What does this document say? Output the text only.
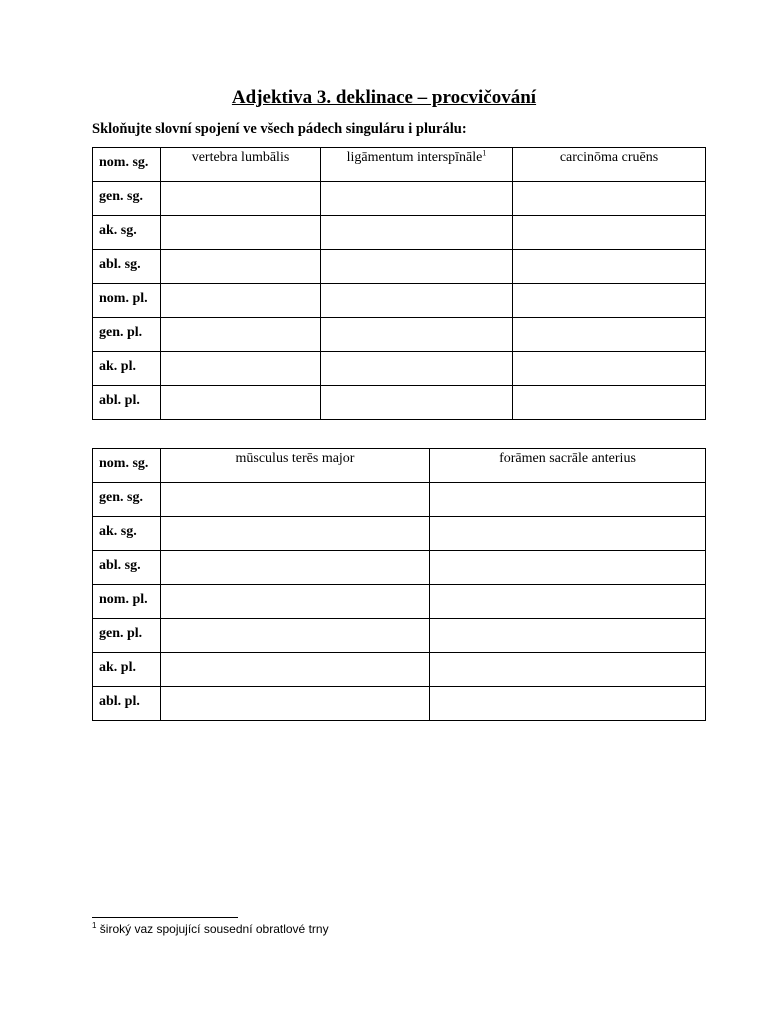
Adjektiva 3. deklinace – procvičování

Skloňujte slovní spojení ve všech pádech singuláru i plurálu:

nom. sg.	vertebra lumbālis	ligāmentum interspīnāle$^1$	carcinōma cruēns
gen. sg.			
ak. sg.			
abl. sg.			
nom. pl.			
gen. pl.			
ak. pl.			
abl. pl.			
nom. sg.	mūsculus terēs major	forāmen sacrāle anterius
gen. sg.		
ak. sg.		
abl. sg.		
nom. pl.		
gen. pl.		
ak. pl.		
abl. pl.		

$^1$ široký vaz spojující sousední obratlové trny
